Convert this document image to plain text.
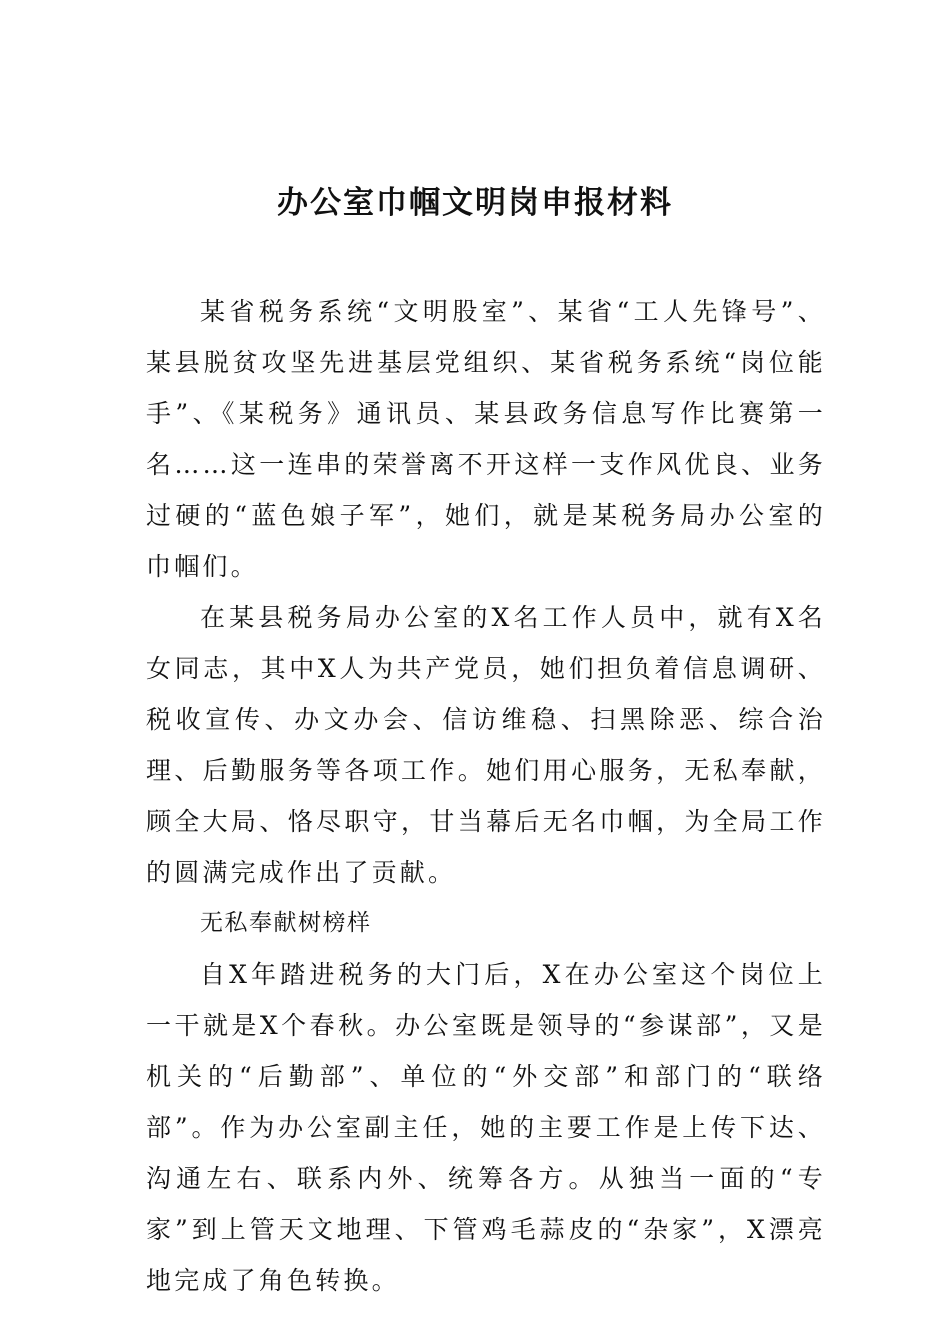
办公室巾帼文明岗申报材料

某省税务系统“文明股室”、某省“工人先锋号”、某县脱贫攻坚先进基层党组织、某省税务系统“岗位能手”、《某税务》通讯员、某县政务信息写作比赛第一名……这一连串的荣誉离不开这样一支作风优良、业务过硬的“蓝色娘子军”，她们，就是某税务局办公室的巾帼们。

在某县税务局办公室的X名工作人员中，就有X名女同志，其中X人为共产党员，她们担负着信息调研、税收宣传、办文办会、信访维稳、扫黑除恶、综合治理、后勤服务等各项工作。她们用心服务，无私奉献，顾全大局、恪尽职守，甘当幕后无名巾帼，为全局工作的圆满完成作出了贡献。

无私奉献树榜样

自X年踏进税务的大门后，X在办公室这个岗位上一干就是X个春秋。办公室既是领导的“参谋部”，又是机关的“后勤部”、单位的“外交部”和部门的“联络部”。作为办公室副主任，她的主要工作是上传下达、沟通左右、联系内外、统筹各方。从独当一面的“专家”到上管天文地理、下管鸡毛蒜皮的“杂家”，X漂亮地完成了角色转换。
